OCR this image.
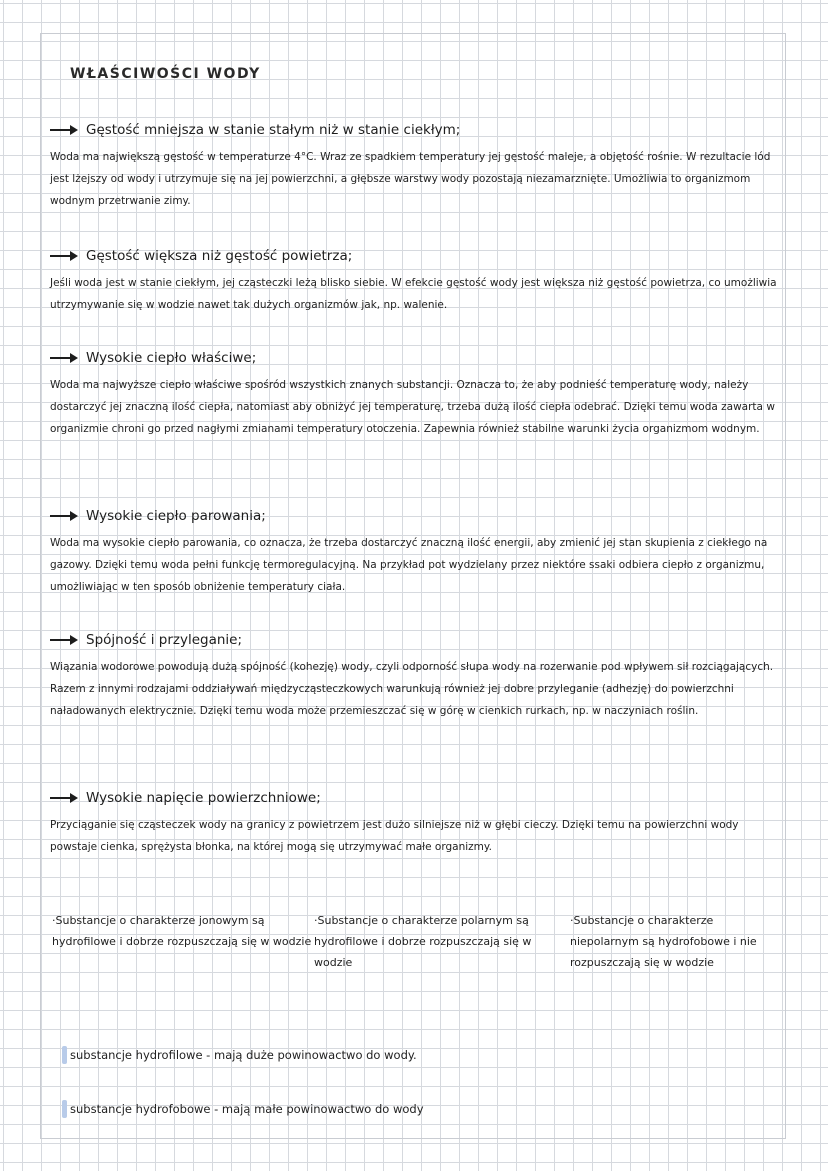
WŁAŚCIWOŚCI WODY
Gęstość mniejsza w stanie stałym niż w stanie ciekłym;
Woda ma największą gęstość w temperaturze 4°C. Wraz ze spadkiem temperatury jej gęstość maleje, a objętość rośnie. W rezultacie lód jest lżejszy od wody i utrzymuje się na jej powierzchni, a głębsze warstwy wody pozostają niezamarznięte. Umożliwia to organizmom wodnym przetrwanie zimy.
Gęstość większa niż gęstość powietrza;
Jeśli woda jest w stanie ciekłym, jej cząsteczki leżą blisko siebie. W efekcie gęstość wody jest większa niż gęstość powietrza, co umożliwia utrzymywanie się w wodzie nawet tak dużych organizmów jak, np. walenie.
Wysokie ciepło właściwe;
Woda ma najwyższe ciepło właściwe spośród wszystkich znanych substancji. Oznacza to, że aby podnieść temperaturę wody, należy dostarczyć jej znaczną ilość ciepła, natomiast aby obniżyć jej temperaturę, trzeba dużą ilość ciepła odebrać. Dzięki temu woda zawarta w organizmie chroni go przed nagłymi zmianami temperatury otoczenia. Zapewnia również stabilne warunki życia organizmom wodnym.
Wysokie ciepło parowania;
Woda ma wysokie ciepło parowania, co oznacza, że trzeba dostarczyć znaczną ilość energii, aby zmienić jej stan skupienia z ciekłego na gazowy. Dzięki temu woda pełni funkcję termoregulacyjną. Na przykład pot wydzielany przez niektóre ssaki odbiera ciepło z organizmu, umożliwiając w ten sposób obniżenie temperatury ciała.
Spójność i przyleganie;
Wiązania wodorowe powodują dużą spójność (kohezję) wody, czyli odporność słupa wody na rozerwanie pod wpływem sił rozciągających. Razem z innymi rodzajami oddziaływań międzycząsteczkowych warunkują również jej dobre przyleganie (adhezję) do powierzchni naładowanych elektrycznie. Dzięki temu woda może przemieszczać się w górę w cienkich rurkach, np. w naczyniach roślin.
Wysokie napięcie powierzchniowe;
Przyciąganie się cząsteczek wody na granicy z powietrzem jest dużo silniejsze niż w głębi cieczy. Dzięki temu na powierzchni wody powstaje cienka, sprężysta błonka, na której mogą się utrzymywać małe organizmy.
·Substancje o charakterze jonowym są hydrofilowe i dobrze rozpuszczają się w wodzie
·Substancje o charakterze polarnym są hydrofilowe i dobrze rozpuszczają się w wodzie
·Substancje o charakterze niepolarnym są hydrofobowe i nie rozpuszczają się w wodzie
substancje hydrofilowe - mają duże powinowactwo do wody.
substancje hydrofobowe - mają małe powinowactwo do wody
